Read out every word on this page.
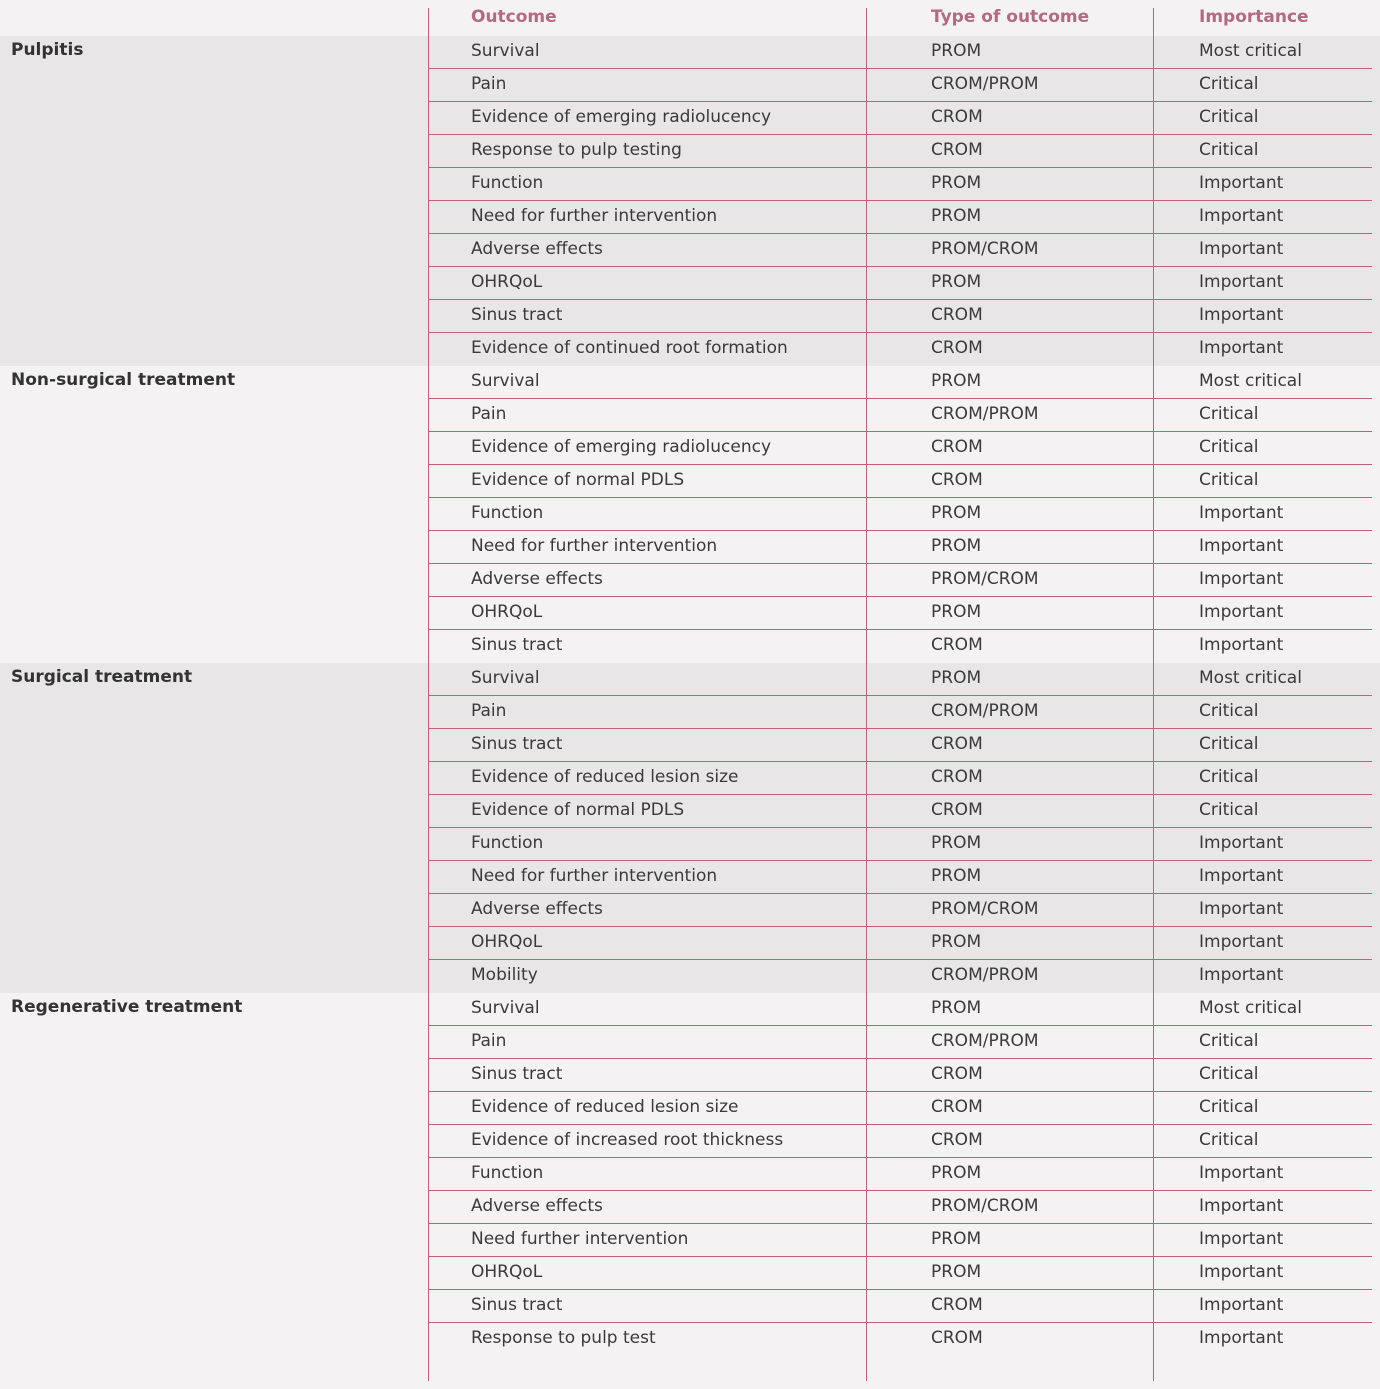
Outcome	Type of outcome	Importance
Pulpitis	Survival	PROM	Most critical
Pain	CROM/PROM	Critical
Evidence of emerging radiolucency	CROM	Critical
Response to pulp testing	CROM	Critical
Function	PROM	Important
Need for further intervention	PROM	Important
Adverse effects	PROM/CROM	Important
OHRQoL	PROM	Important
Sinus tract	CROM	Important
Evidence of continued root formation	CROM	Important
Non-surgical treatment	Survival	PROM	Most critical
Pain	CROM/PROM	Critical
Evidence of emerging radiolucency	CROM	Critical
Evidence of normal PDLS	CROM	Critical
Function	PROM	Important
Need for further intervention	PROM	Important
Adverse effects	PROM/CROM	Important
OHRQoL	PROM	Important
Sinus tract	CROM	Important
Surgical treatment	Survival	PROM	Most critical
Pain	CROM/PROM	Critical
Sinus tract	CROM	Critical
Evidence of reduced lesion size	CROM	Critical
Evidence of normal PDLS	CROM	Critical
Function	PROM	Important
Need for further intervention	PROM	Important
Adverse effects	PROM/CROM	Important
OHRQoL	PROM	Important
Mobility	CROM/PROM	Important
Regenerative treatment	Survival	PROM	Most critical
Pain	CROM/PROM	Critical
Sinus tract	CROM	Critical
Evidence of reduced lesion size	CROM	Critical
Evidence of increased root thickness	CROM	Critical
Function	PROM	Important
Adverse effects	PROM/CROM	Important
Need further intervention	PROM	Important
OHRQoL	PROM	Important
Sinus tract	CROM	Important
Response to pulp test	CROM	Important
